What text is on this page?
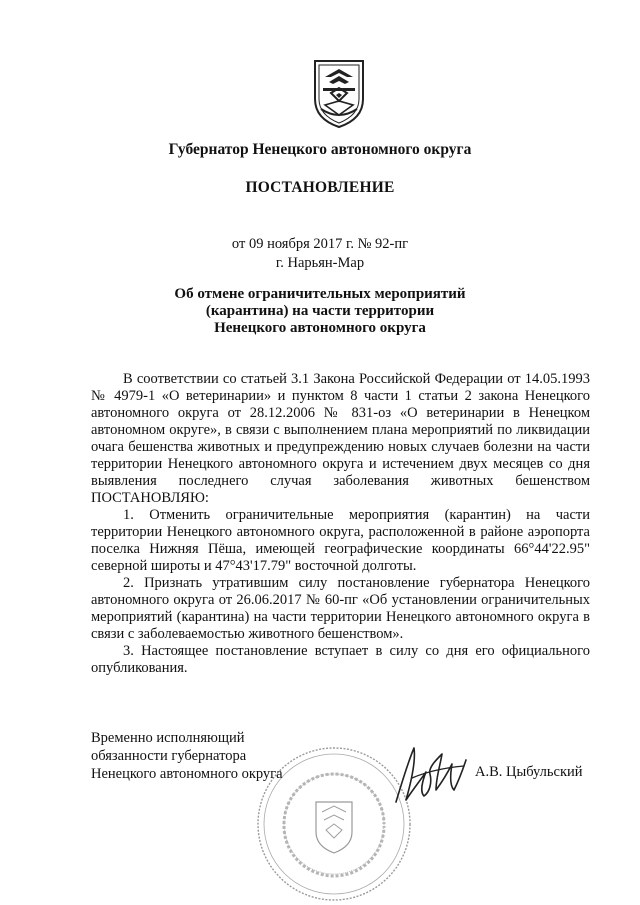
Губернатор Ненецкого автономного округа
ПОСТАНОВЛЕНИЕ
от 09 ноября 2017 г. № 92-пг
г. Нарьян-Мар
Об отмене ограничительных мероприятий
(карантина) на части территории
Ненецкого автономного округа

В соответствии со статьей 3.1 Закона Российской Федерации от 14.05.1993 № 4979-1 «О ветеринарии» и пунктом 8 части 1 статьи 2 закона Ненецкого автономного округа от 28.12.2006 № 831-оз «О ветеринарии в Ненецком автономном округе», в связи с выполнением плана мероприятий по ликвидации очага бешенства животных и предупреждению новых случаев болезни на части территории Ненецкого автономного округа и истечением двух месяцев со дня выявления последнего случая заболевания животных бешенством ПОСТАНОВЛЯЮ:

1. Отменить ограничительные мероприятия (карантин) на части территории Ненецкого автономного округа, расположенной в районе аэропорта поселка Нижняя Пёша, имеющей географические координаты 66°44'22.95" северной широты и 47°43'17.79" восточной долготы.

2. Признать утратившим силу постановление губернатора Ненецкого автономного округа от 26.06.2017 № 60-пг «Об установлении ограничительных мероприятий (карантина) на части территории Ненецкого автономного округа в связи с заболеваемостью животного бешенством».

3. Настоящее постановление вступает в силу со дня его официального опубликования.

Временно исполняющий
обязанности губернатора
Ненецкого автономного округа	А.В. Цыбульский
